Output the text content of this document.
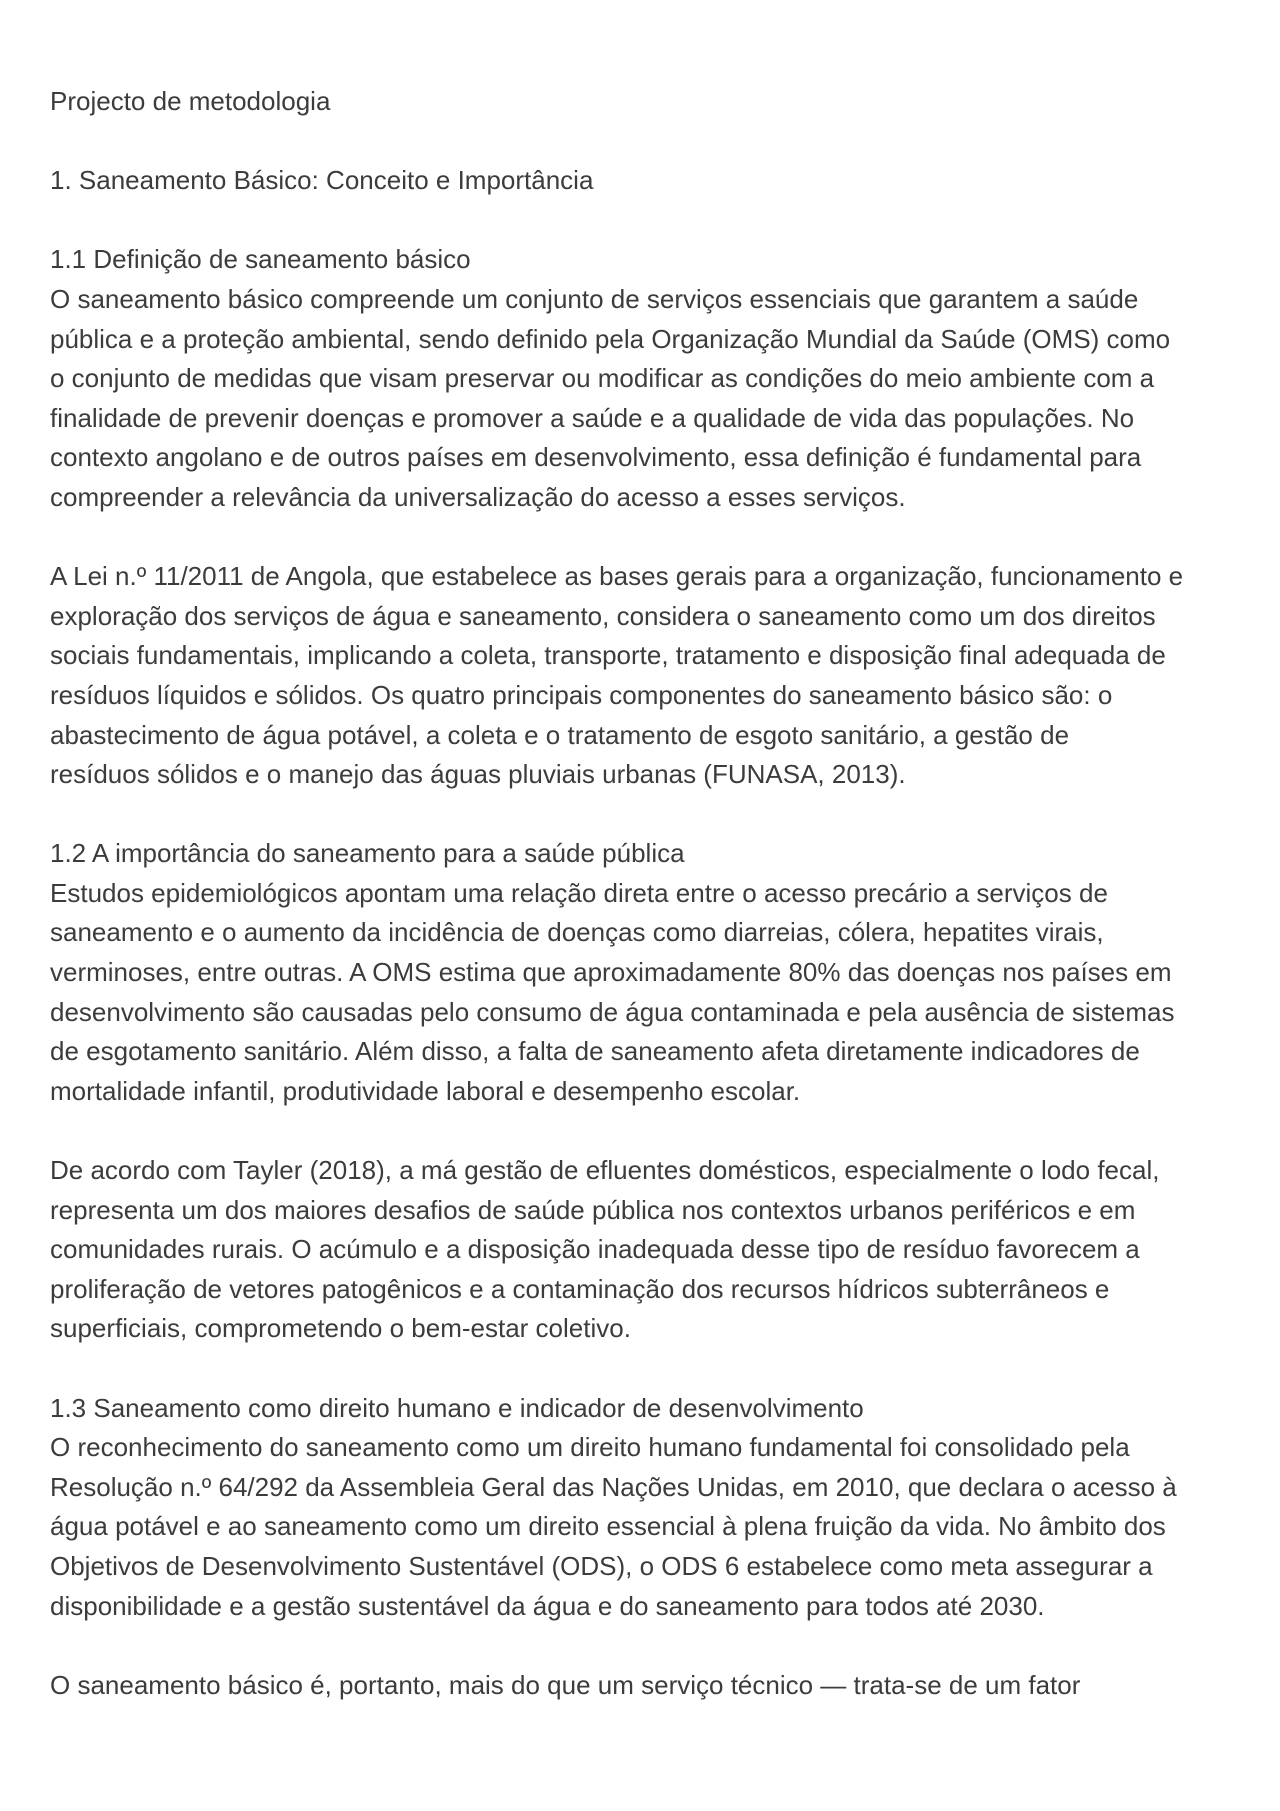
Projecto de metodologia

1. Saneamento Básico: Conceito e Importância

1.1 Definição de saneamento básico

O saneamento básico compreende um conjunto de serviços essenciais que garantem a saúde

pública e a proteção ambiental, sendo definido pela Organização Mundial da Saúde (OMS) como

o conjunto de medidas que visam preservar ou modificar as condições do meio ambiente com a

finalidade de prevenir doenças e promover a saúde e a qualidade de vida das populações. No

contexto angolano e de outros países em desenvolvimento, essa definição é fundamental para

compreender a relevância da universalização do acesso a esses serviços.

A Lei n.º 11/2011 de Angola, que estabelece as bases gerais para a organização, funcionamento e

exploração dos serviços de água e saneamento, considera o saneamento como um dos direitos

sociais fundamentais, implicando a coleta, transporte, tratamento e disposição final adequada de

resíduos líquidos e sólidos. Os quatro principais componentes do saneamento básico são: o

abastecimento de água potável, a coleta e o tratamento de esgoto sanitário, a gestão de

resíduos sólidos e o manejo das águas pluviais urbanas (FUNASA, 2013).

1.2 A importância do saneamento para a saúde pública

Estudos epidemiológicos apontam uma relação direta entre o acesso precário a serviços de

saneamento e o aumento da incidência de doenças como diarreias, cólera, hepatites virais,

verminoses, entre outras. A OMS estima que aproximadamente 80% das doenças nos países em

desenvolvimento são causadas pelo consumo de água contaminada e pela ausência de sistemas

de esgotamento sanitário. Além disso, a falta de saneamento afeta diretamente indicadores de

mortalidade infantil, produtividade laboral e desempenho escolar.

De acordo com Tayler (2018), a má gestão de efluentes domésticos, especialmente o lodo fecal,

representa um dos maiores desafios de saúde pública nos contextos urbanos periféricos e em

comunidades rurais. O acúmulo e a disposição inadequada desse tipo de resíduo favorecem a

proliferação de vetores patogênicos e a contaminação dos recursos hídricos subterrâneos e

superficiais, comprometendo o bem-estar coletivo.

1.3 Saneamento como direito humano e indicador de desenvolvimento

O reconhecimento do saneamento como um direito humano fundamental foi consolidado pela

Resolução n.º 64/292 da Assembleia Geral das Nações Unidas, em 2010, que declara o acesso à

água potável e ao saneamento como um direito essencial à plena fruição da vida. No âmbito dos

Objetivos de Desenvolvimento Sustentável (ODS), o ODS 6 estabelece como meta assegurar a

disponibilidade e a gestão sustentável da água e do saneamento para todos até 2030.

O saneamento básico é, portanto, mais do que um serviço técnico — trata-se de um fator
